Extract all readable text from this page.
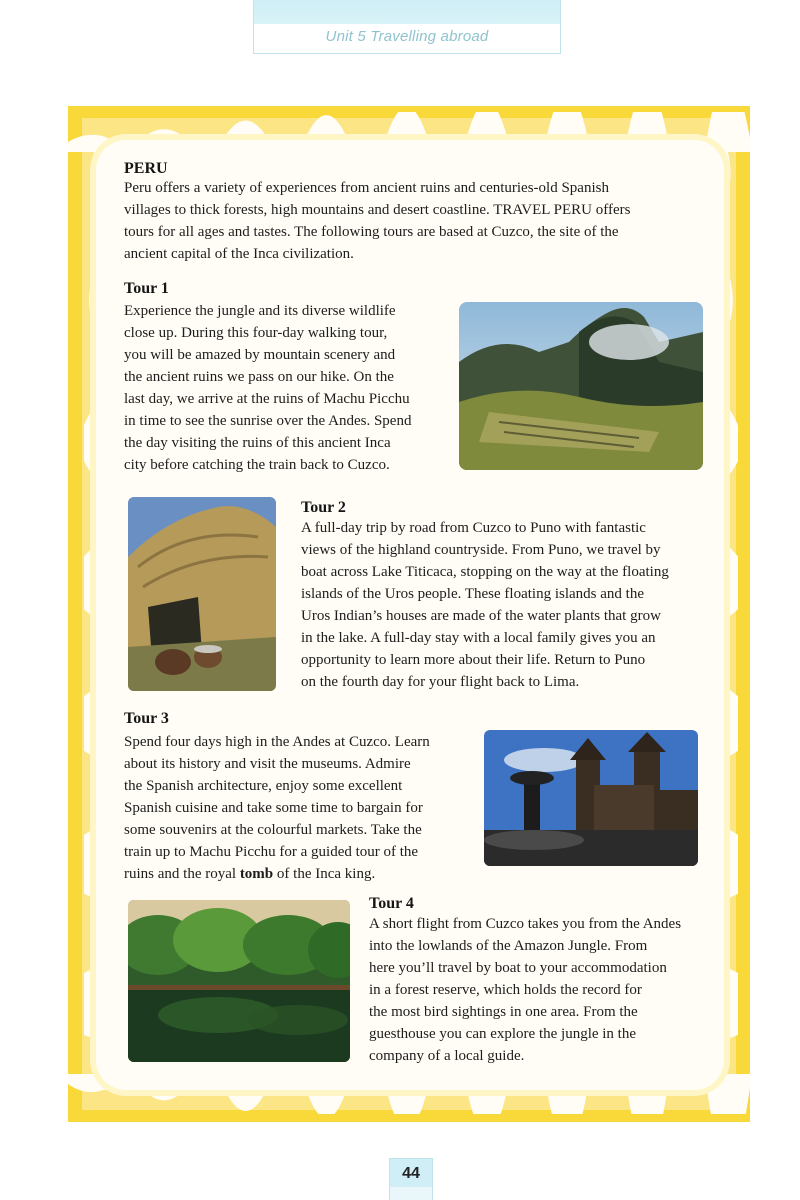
Unit 5 Travelling abroad
PERU
Peru offers a variety of experiences from ancient ruins and centuries-old Spanish
villages to thick forests, high mountains and desert coastline. TRAVEL PERU offers
tours for all ages and tastes. The following tours are based at Cuzco, the site of the
ancient capital of the Inca civilization.
Tour 1
Experience the jungle and its diverse wildlife
close up. During this four-day walking tour,
you will be amazed by mountain scenery and
the ancient ruins we pass on our hike. On the
last day, we arrive at the ruins of Machu Picchu
in time to see the sunrise over the Andes. Spend
the day visiting the ruins of this ancient Inca
city before catching the train back to Cuzco.
Tour 2
A full-day trip by road from Cuzco to Puno with fantastic
views of the highland countryside. From Puno, we travel by
boat across Lake Titicaca, stopping on the way at the floating
islands of the Uros people. These floating islands and the
Uros Indian’s houses are made of the water plants that grow
in the lake. A full-day stay with a local family gives you an
opportunity to learn more about their life. Return to Puno
on the fourth day for your flight back to Lima.
Tour 3
Spend four days high in the Andes at Cuzco. Learn
about its history and visit the museums. Admire
the Spanish architecture, enjoy some excellent
Spanish cuisine and take some time to bargain for
some souvenirs at the colourful markets. Take the
train up to Machu Picchu for a guided tour of the
ruins and the royal tomb of the Inca king.
Tour 4
A short flight from Cuzco takes you from the Andes
into the lowlands of the Amazon Jungle. From
here you’ll travel by boat to your accommodation
in a forest reserve, which holds the record for
the most bird sightings in one area. From the
guesthouse you can explore the jungle in the
company of a local guide.
44
